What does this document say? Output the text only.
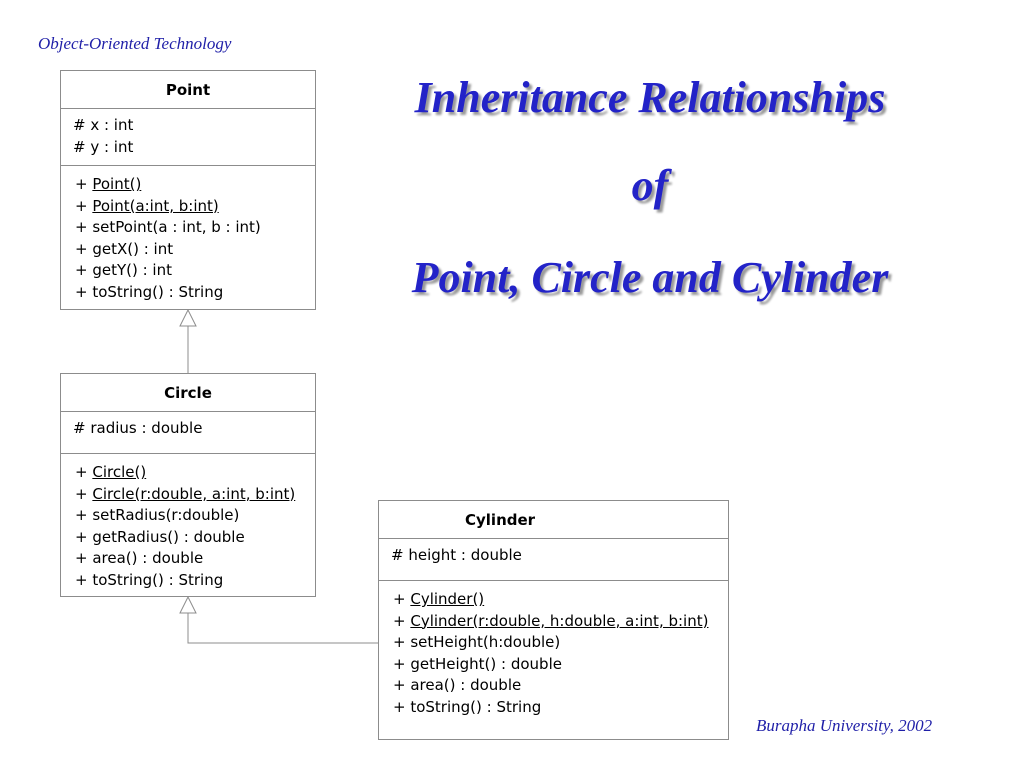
Object-Oriented Technology
Inheritance Relationships
of
Point, Circle and Cylinder
Point
# x : int
# y : int
+ Point()
+ Point(a:int, b:int)
+ setPoint(a : int, b : int)
+ getX() : int
+ getY() : int
+ toString() : String
Circle
# radius : double
+ Circle()
+ Circle(r:double, a:int, b:int)
+ setRadius(r:double)
+ getRadius() : double
+ area() : double
+ toString() : String
Cylinder
# height : double
+ Cylinder()
+ Cylinder(r:double, h:double, a:int, b:int)
+ setHeight(h:double)
+ getHeight() : double
+ area() : double
+ toString() : String
Burapha University, 2002
